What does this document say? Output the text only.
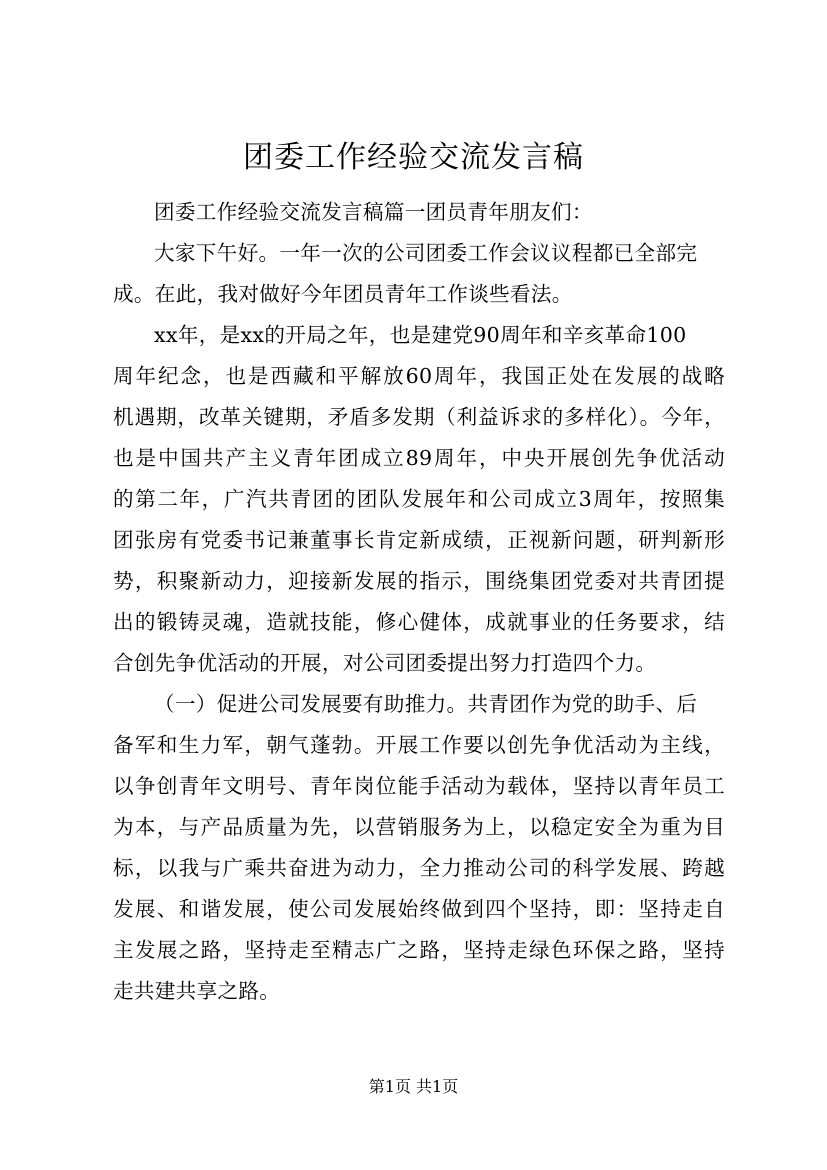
团委工作经验交流发言稿
团委工作经验交流发言稿篇一团员青年朋友们：
大家下午好。一年一次的公司团委工作会议议程都已全部完
成。在此，我对做好今年团员青年工作谈些看法。
xx年，是xx的开局之年，也是建党90周年和辛亥革命100
周年纪念，也是西藏和平解放60周年，我国正处在发展的战略
机遇期，改革关键期，矛盾多发期（利益诉求的多样化）。今年，
也是中国共产主义青年团成立89周年，中央开展创先争优活动
的第二年，广汽共青团的团队发展年和公司成立3周年，按照集
团张房有党委书记兼董事长肯定新成绩，正视新问题，研判新形
势，积聚新动力，迎接新发展的指示，围绕集团党委对共青团提
出的锻铸灵魂，造就技能，修心健体，成就事业的任务要求，结
合创先争优活动的开展，对公司团委提出努力打造四个力。
（一）促进公司发展要有助推力。共青团作为党的助手、后
备军和生力军，朝气蓬勃。开展工作要以创先争优活动为主线，
以争创青年文明号、青年岗位能手活动为载体，坚持以青年员工
为本，与产品质量为先，以营销服务为上，以稳定安全为重为目
标，以我与广乘共奋进为动力，全力推动公司的科学发展、跨越
发展、和谐发展，使公司发展始终做到四个坚持，即：坚持走自
主发展之路，坚持走至精志广之路，坚持走绿色环保之路，坚持
走共建共享之路。
第1页 共1页
